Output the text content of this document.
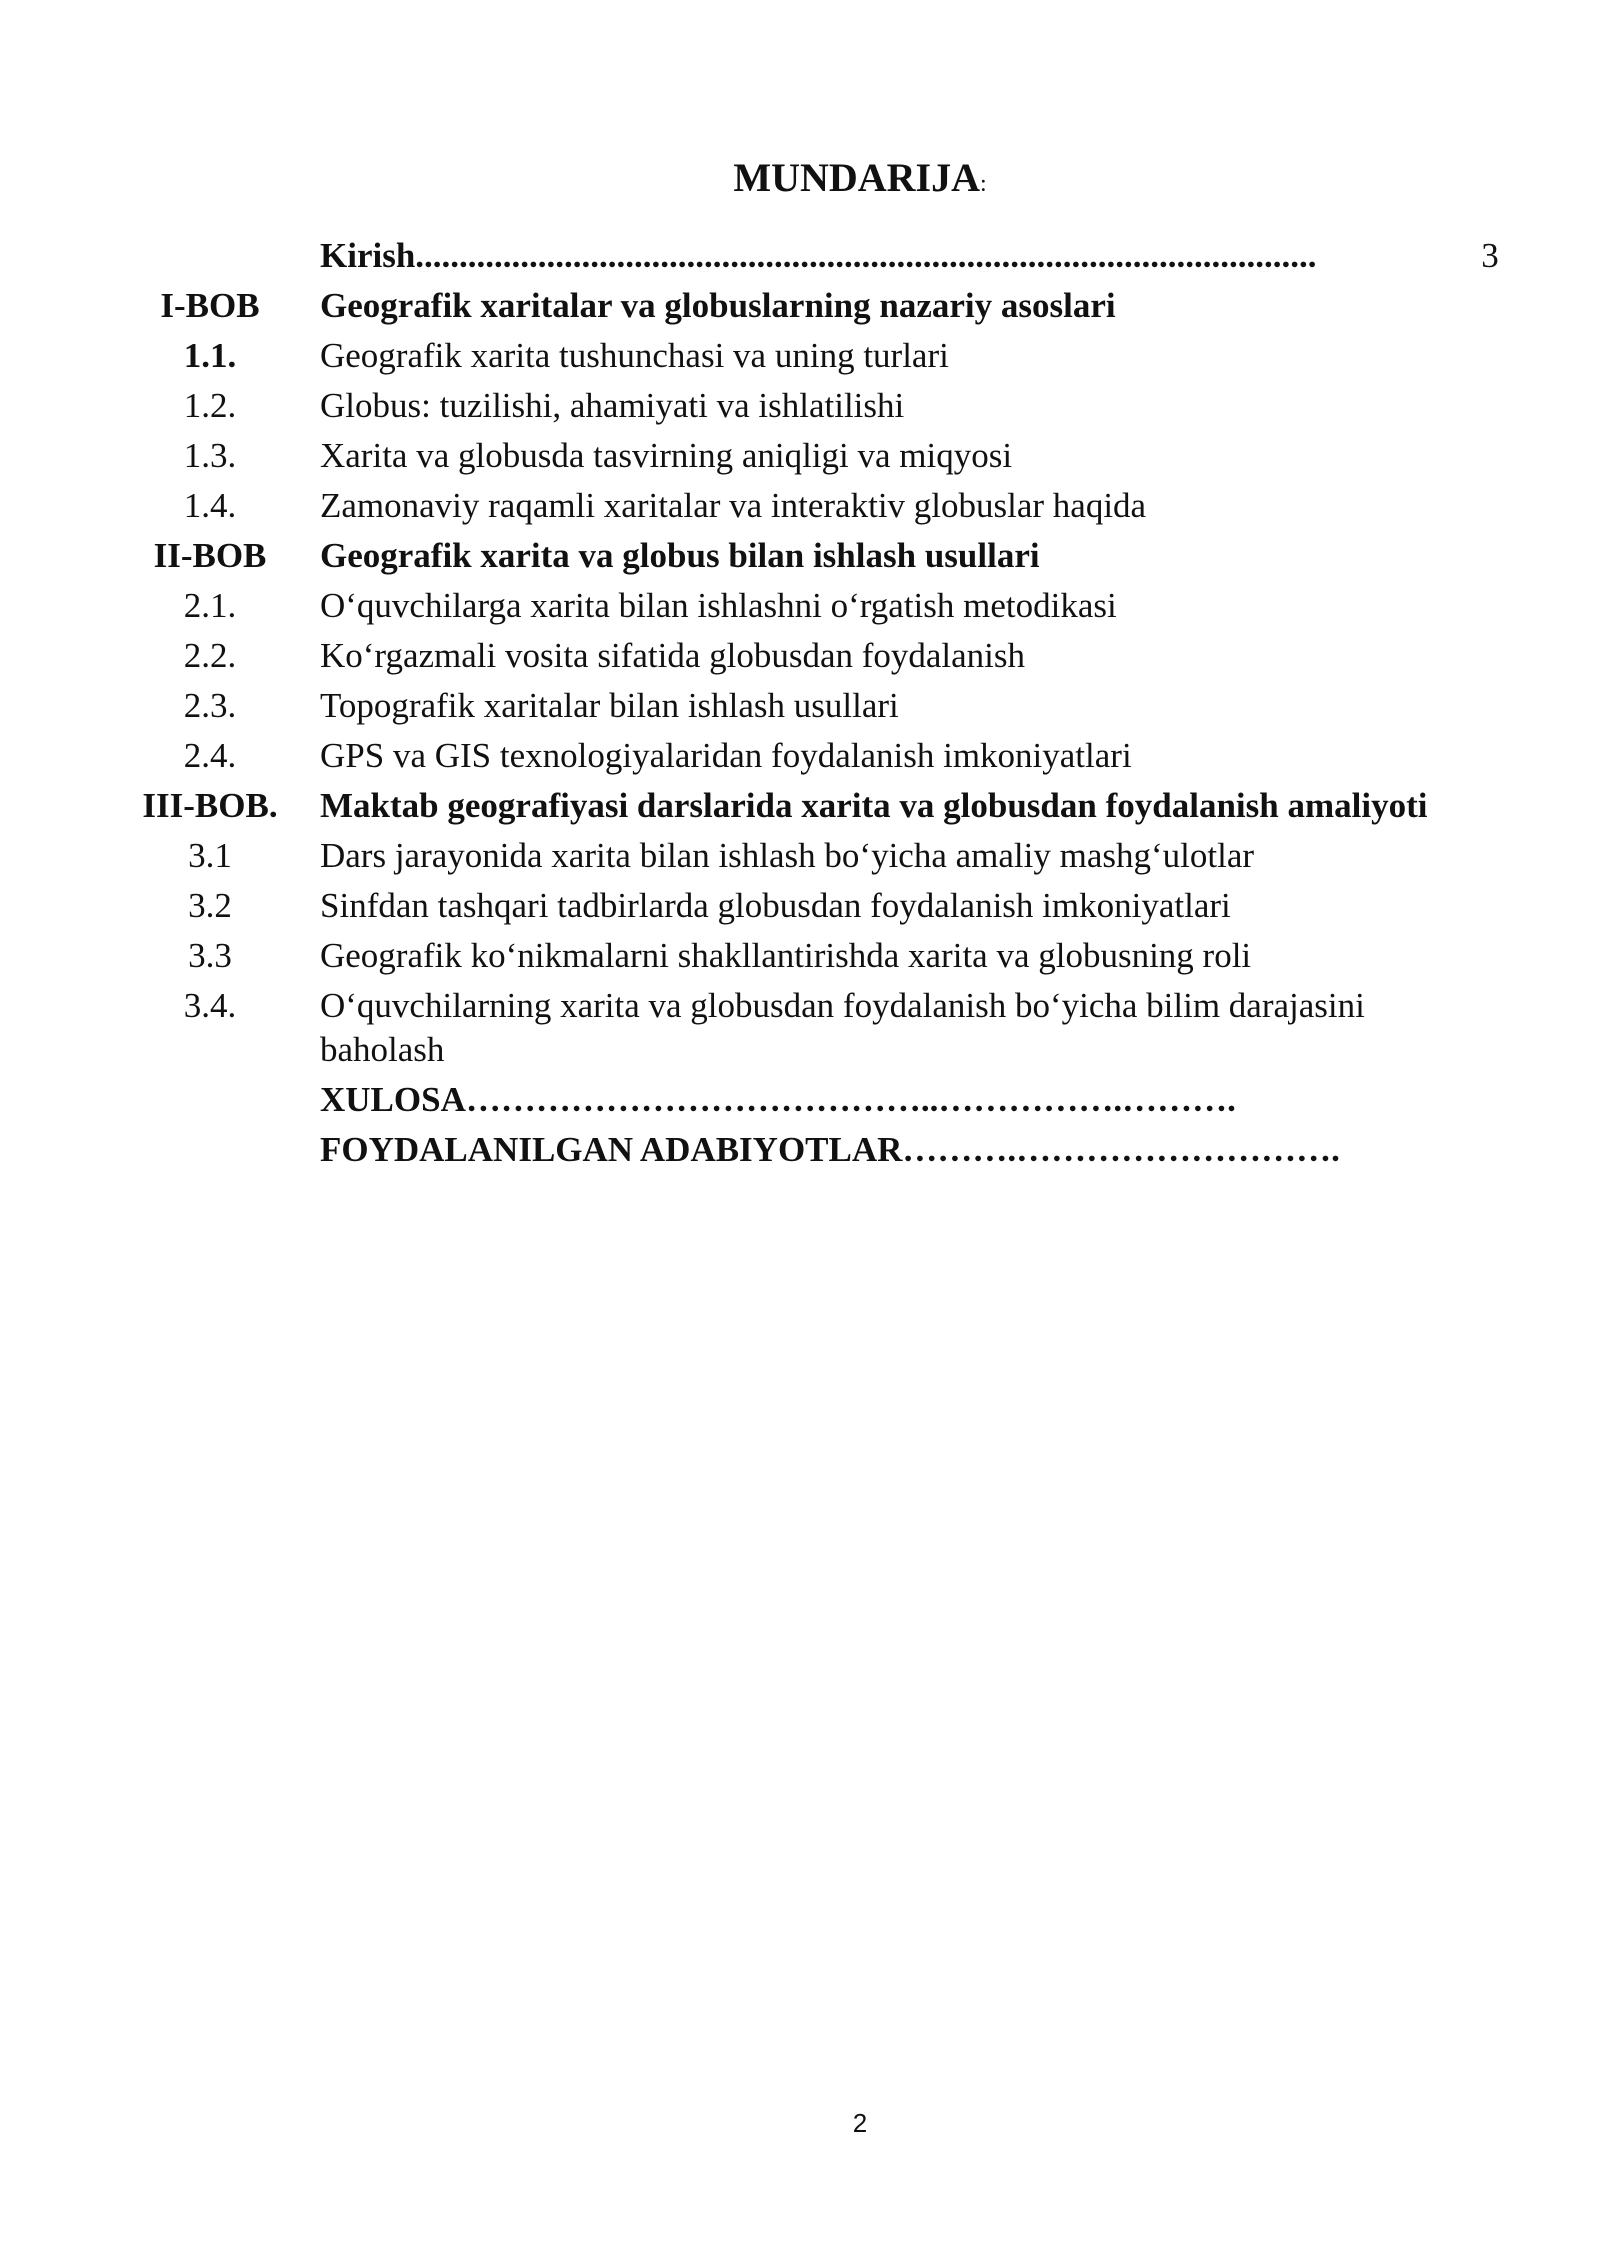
MUNDARIJA:
Kirish.......................................................................................................	3
I-BOB	Geografik xaritalar va globuslarning nazariy asoslari
1.1.	Geografik xarita tushunchasi va uning turlari
1.2.	Globus: tuzilishi, ahamiyati va ishlatilishi
1.3.	Xarita va globusda tasvirning aniqligi va miqyosi
1.4.	Zamonaviy raqamli xaritalar va interaktiv globuslar haqida
II-BOB	Geografik xarita va globus bilan ishlash usullari
2.1.	O‘quvchilarga xarita bilan ishlashni o‘rgatish metodikasi
2.2.	Ko‘rgazmali vosita sifatida globusdan foydalanish
2.3.	Topografik xaritalar bilan ishlash usullari
2.4.	GPS va GIS texnologiyalaridan foydalanish imkoniyatlari
III-BOB.	Maktab geografiyasi darslarida xarita va globusdan foydalanish amaliyoti
3.1	Dars jarayonida xarita bilan ishlash bo‘yicha amaliy mashg‘ulotlar
3.2	Sinfdan tashqari tadbirlarda globusdan foydalanish imkoniyatlari
3.3	Geografik ko‘nikmalarni shakllantirishda xarita va globusning roli
3.4.	O‘quvchilarning xarita va globusdan foydalanish bo‘yicha bilim darajasini baholash
XULOSA…………………………………..…………….……….
FOYDALANILGAN ADABIYOTLAR……….……………………….
2
